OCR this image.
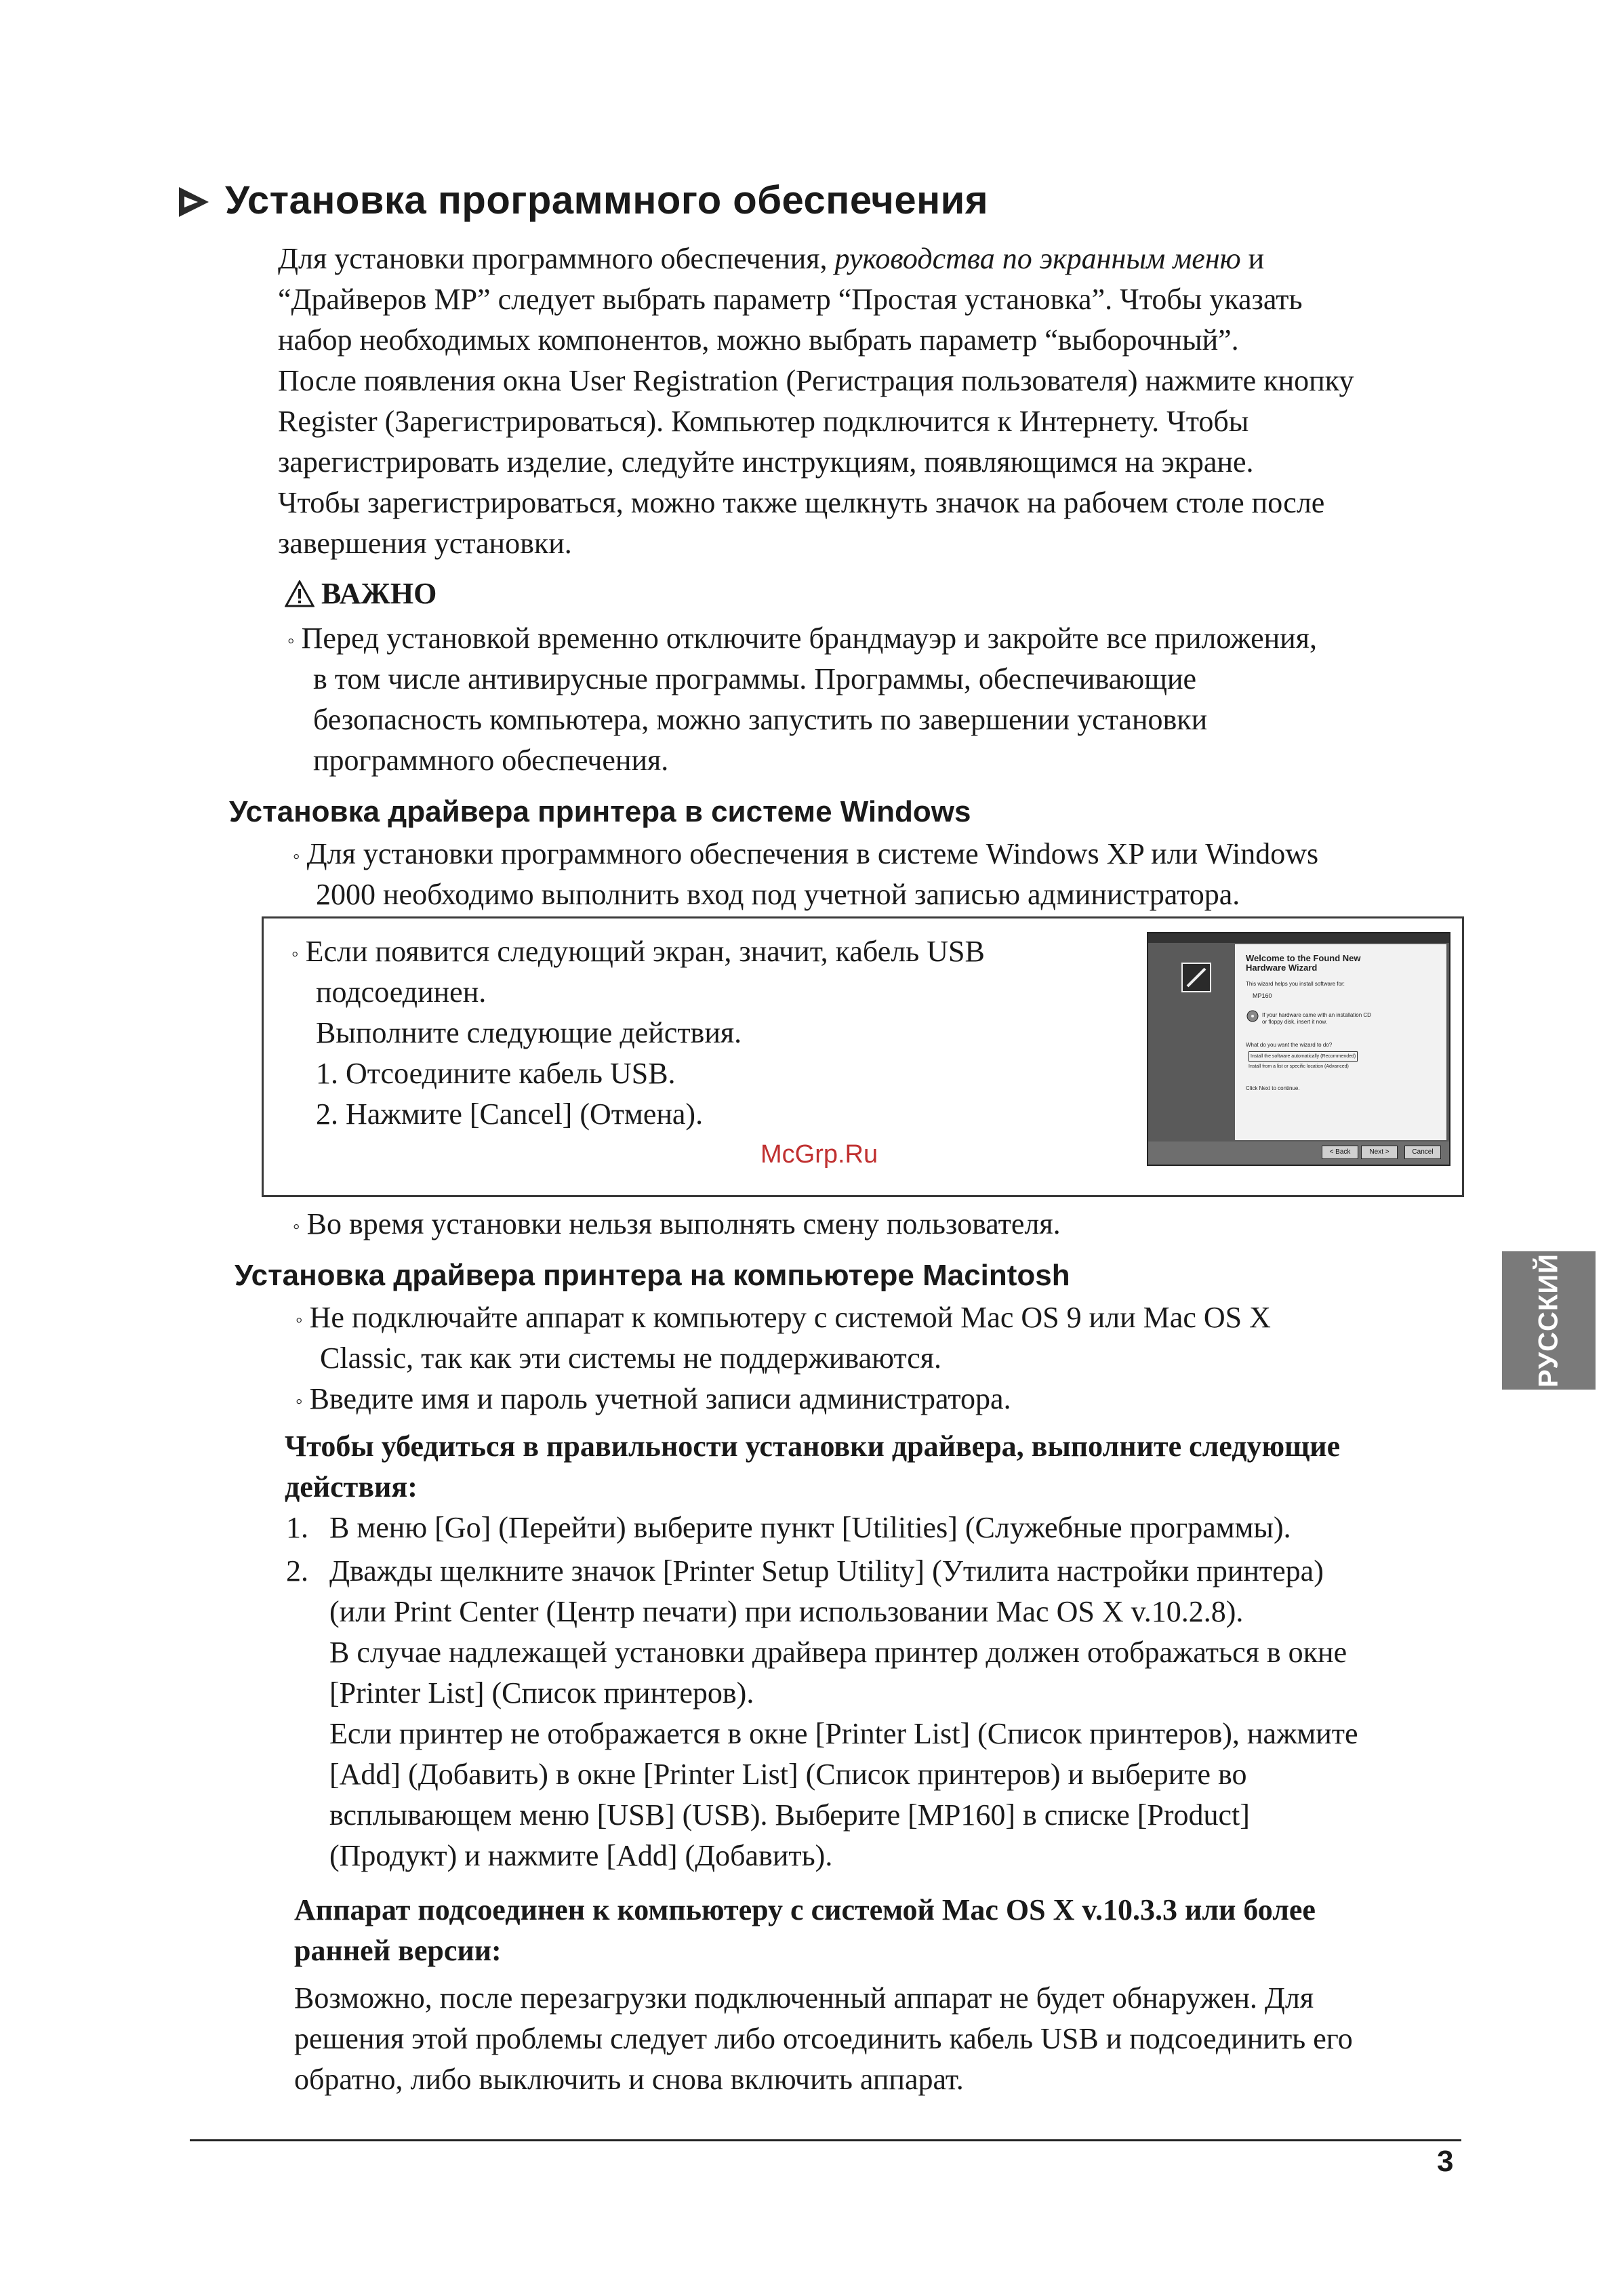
Установка программного обеспечения
Для установки программного обеспечения, руководства по экранным меню и
“Драйверов MP” следует выбрать параметр “Простая установка”. Чтобы указать
набор необходимых компонентов, можно выбрать параметр “выборочный”.
После появления окна User Registration (Регистрация пользователя) нажмите кнопку
Register (Зарегистрироваться). Компьютер подключится к Интернету. Чтобы
зарегистрировать изделие, следуйте инструкциям, появляющимся на экране.
Чтобы зарегистрироваться, можно также щелкнуть значок на рабочем столе после
завершения установки.
ВАЖНО
◦ Перед установкой временно отключите брандмауэр и закройте все приложения,
в том числе антивирусные программы. Программы, обеспечивающие
безопасность компьютера, можно запустить по завершении установки
программного обеспечения.
Установка драйвера принтера в системе Windows
◦ Для установки программного обеспечения в системе Windows XP или Windows
2000 необходимо выполнить вход под учетной записью администратора.
◦ Если появится следующий экран, значит, кабель USB
подсоединен.
Выполните следующие действия.
1. Отсоедините кабель USB.
2. Нажмите [Cancel] (Отмена).
Welcome to the Found New
Hardware Wizard
This wizard helps you install software for:
MP160
If your hardware came with an installation CD
or floppy disk, insert it now.
What do you want the wizard to do?
Install the software automatically (Recommended)
Install from a list or specific location (Advanced)
Click Next to continue.
< Back	Next >	Cancel
McGrp.Ru
◦ Во время установки нельзя выполнять смену пользователя.
Установка драйвера принтера на компьютере Macintosh
◦ Не подключайте аппарат к компьютеру с системой Mac OS 9 или Mac OS X
Classic, так как эти системы не поддерживаются.
◦ Введите имя и пароль учетной записи администратора.
Чтобы убедиться в правильности установки драйвера, выполните следующие
действия:
1. В меню [Go] (Перейти) выберите пункт [Utilities] (Служебные программы).
2. Дважды щелкните значок [Printer Setup Utility] (Утилита настройки принтера)
(или Print Center (Центр печати) при использовании Mac OS X v.10.2.8).
В случае надлежащей установки драйвера принтер должен отображаться в окне
[Printer List] (Список принтеров).
Если принтер не отображается в окне [Printer List] (Список принтеров), нажмите
[Add] (Добавить) в окне [Printer List] (Список принтеров) и выберите во
всплывающем меню [USB] (USB). Выберите [MP160] в списке [Product]
(Продукт) и нажмите [Add] (Добавить).
Аппарат подсоединен к компьютеру с системой Mac OS X v.10.3.3 или более
ранней версии:
Возможно, после перезагрузки подключенный аппарат не будет обнаружен. Для
решения этой проблемы следует либо отсоединить кабель USB и подсоединить его
обратно, либо выключить и снова включить аппарат.
РУССКИЙ
3
